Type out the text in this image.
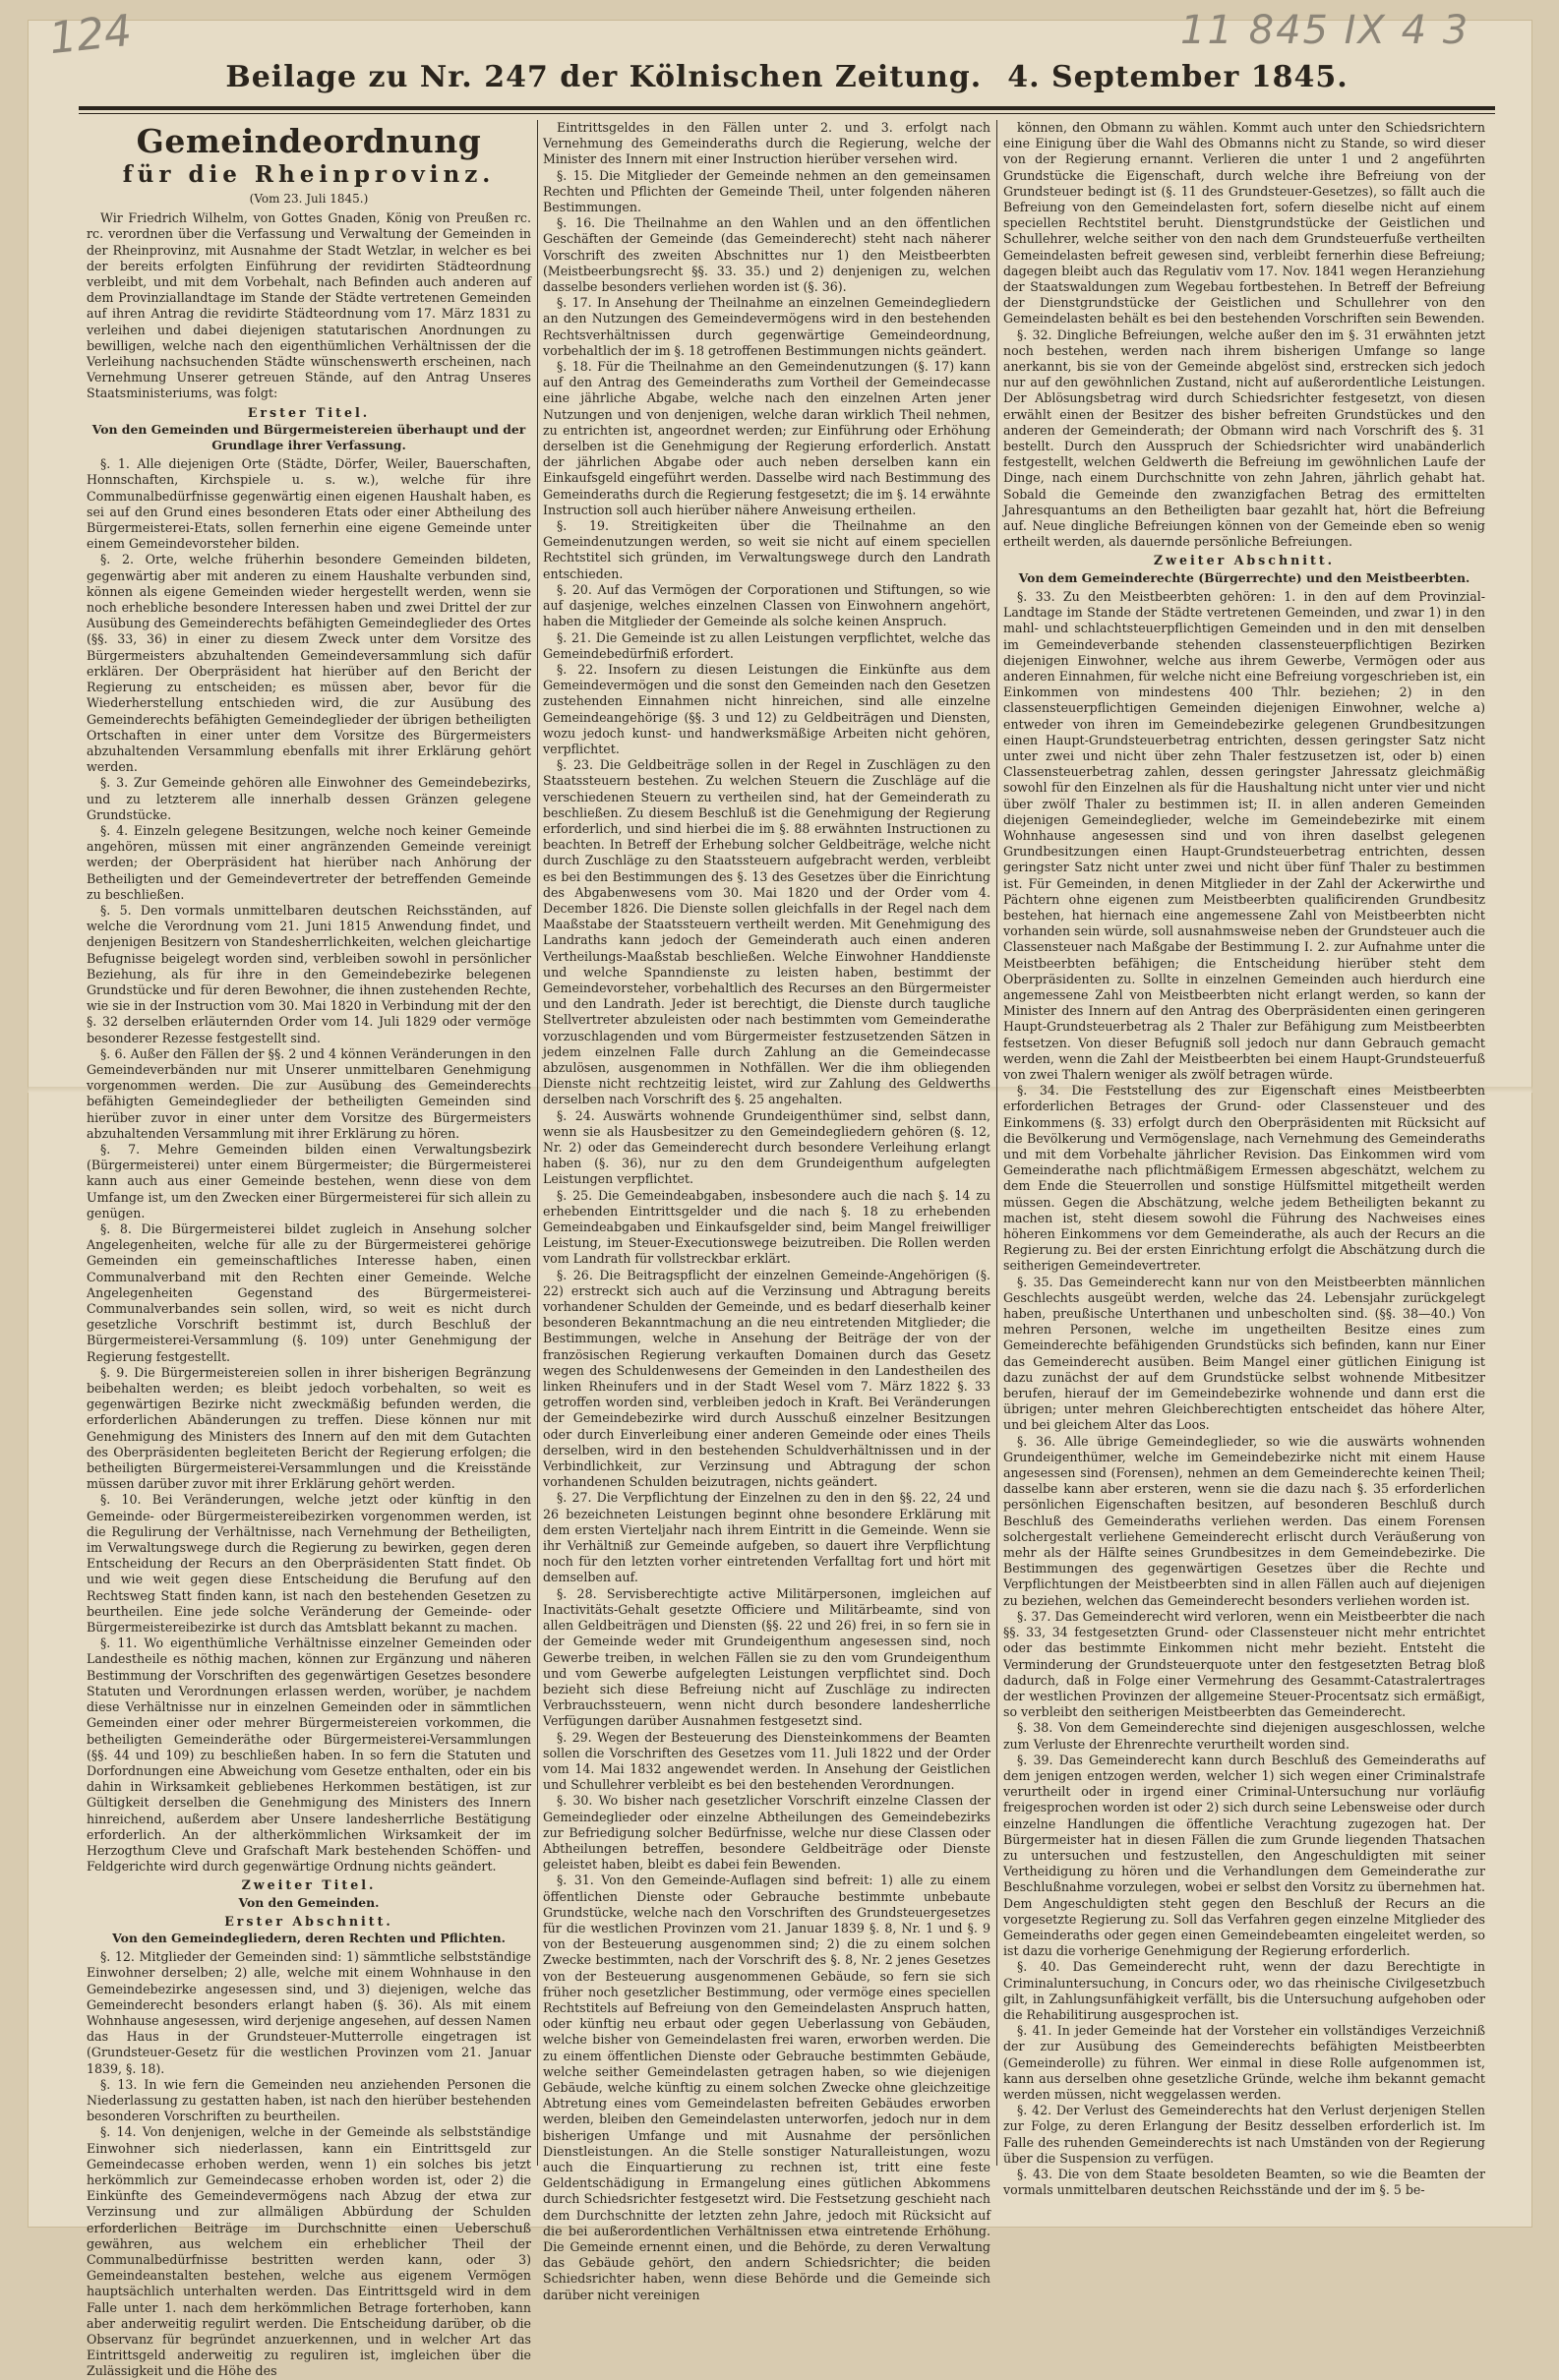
124	11 845 IX 4 3
Beilage zu Nr. 247 der Kölnischen Zeitung. 4. September 1845.
Gemeindeordnung
für die Rheinprovinz.
(Vom 23. Juli 1845.)

Wir Friedrich Wilhelm, von Gottes Gnaden, König von Preußen rc. rc. verordnen über die Verfassung und Verwaltung der Gemeinden in der Rheinprovinz, mit Ausnahme der Stadt Wetzlar, in welcher es bei der bereits erfolgten Einführung der revidirten Städteordnung verbleibt, und mit dem Vorbehalt, nach Befinden auch anderen auf dem Provinziallandtage im Stande der Städte vertretenen Gemeinden auf ihren Antrag die revidirte Städteordnung vom 17. März 1831 zu verleihen und dabei diejenigen statutarischen Anordnungen zu bewilligen, welche nach den eigenthümlichen Verhältnissen der die Verleihung nachsuchenden Städte wünschenswerth erscheinen, nach Vernehmung Unserer getreuen Stände, auf den Antrag Unseres Staatsministeriums, was folgt:

Erster Titel.
Von den Gemeinden und Bürgermeistereien überhaupt und der Grundlage ihrer Verfassung.

§. 1. Alle diejenigen Orte (Städte, Dörfer, Weiler, Bauerschaften, Honnschaften, Kirchspiele u. s. w.), welche für ihre Communalbedürfnisse gegenwärtig einen eigenen Haushalt haben, es sei auf den Grund eines besonderen Etats oder einer Abtheilung des Bürgermeisterei-Etats, sollen fernerhin eine eigene Gemeinde unter einem Gemeindevorsteher bilden.

§. 2. Orte, welche früherhin besondere Gemeinden bildeten, gegenwärtig aber mit anderen zu einem Haushalte verbunden sind, können als eigene Gemeinden wieder hergestellt werden, wenn sie noch erhebliche besondere Interessen haben und zwei Drittel der zur Ausübung des Gemeinderechts befähigten Gemeindeglieder des Ortes (§§. 33, 36) in einer zu diesem Zweck unter dem Vorsitze des Bürgermeisters abzuhaltenden Gemeindeversammlung sich dafür erklären. Der Oberpräsident hat hierüber auf den Bericht der Regierung zu entscheiden; es müssen aber, bevor für die Wiederherstellung entschieden wird, die zur Ausübung des Gemeinderechts befähigten Gemeindeglieder der übrigen betheiligten Ortschaften in einer unter dem Vorsitze des Bürgermeisters abzuhaltenden Versammlung ebenfalls mit ihrer Erklärung gehört werden.

§. 3. Zur Gemeinde gehören alle Einwohner des Gemeindebezirks, und zu letzterem alle innerhalb dessen Gränzen gelegene Grundstücke.

§. 4. Einzeln gelegene Besitzungen, welche noch keiner Gemeinde angehören, müssen mit einer angränzenden Gemeinde vereinigt werden; der Oberpräsident hat hierüber nach Anhörung der Betheiligten und der Gemeindevertreter der betreffenden Gemeinde zu beschließen.

§. 5. Den vormals unmittelbaren deutschen Reichsständen, auf welche die Verordnung vom 21. Juni 1815 Anwendung findet, und denjenigen Besitzern von Standesherrlichkeiten, welchen gleichartige Befugnisse beigelegt worden sind, verbleiben sowohl in persönlicher Beziehung, als für ihre in den Gemeindebezirke belegenen Grundstücke und für deren Bewohner, die ihnen zustehenden Rechte, wie sie in der Instruction vom 30. Mai 1820 in Verbindung mit der den §. 32 derselben erläuternden Order vom 14. Juli 1829 oder vermöge besonderer Rezesse festgestellt sind.

§. 6. Außer den Fällen der §§. 2 und 4 können Veränderungen in den Gemeindeverbänden nur mit Unserer unmittelbaren Genehmigung vorgenommen werden. Die zur Ausübung des Gemeinderechts befähigten Gemeindeglieder der betheiligten Gemeinden sind hierüber zuvor in einer unter dem Vorsitze des Bürgermeisters abzuhaltenden Versammlung mit ihrer Erklärung zu hören.

§. 7. Mehre Gemeinden bilden einen Verwaltungsbezirk (Bürgermeisterei) unter einem Bürgermeister; die Bürgermeisterei kann auch aus einer Gemeinde bestehen, wenn diese von dem Umfange ist, um den Zwecken einer Bürgermeisterei für sich allein zu genügen.

§. 8. Die Bürgermeisterei bildet zugleich in Ansehung solcher Angelegenheiten, welche für alle zu der Bürgermeisterei gehörige Gemeinden ein gemeinschaftliches Interesse haben, einen Communalverband mit den Rechten einer Gemeinde. Welche Angelegenheiten Gegenstand des Bürgermeisterei-Communalverbandes sein sollen, wird, so weit es nicht durch gesetzliche Vorschrift bestimmt ist, durch Beschluß der Bürgermeisterei-Versammlung (§. 109) unter Genehmigung der Regierung festgestellt.

§. 9. Die Bürgermeistereien sollen in ihrer bisherigen Begränzung beibehalten werden; es bleibt jedoch vorbehalten, so weit es gegenwärtigen Bezirke nicht zweckmäßig befunden werden, die erforderlichen Abänderungen zu treffen. Diese können nur mit Genehmigung des Ministers des Innern auf den mit dem Gutachten des Oberpräsidenten begleiteten Bericht der Regierung erfolgen; die betheiligten Bürgermeisterei-Versammlungen und die Kreisstände müssen darüber zuvor mit ihrer Erklärung gehört werden.

§. 10. Bei Veränderungen, welche jetzt oder künftig in den Gemeinde- oder Bürgermeistereibezirken vorgenommen werden, ist die Regulirung der Verhältnisse, nach Vernehmung der Betheiligten, im Verwaltungswege durch die Regierung zu bewirken, gegen deren Entscheidung der Recurs an den Oberpräsidenten Statt findet. Ob und wie weit gegen diese Entscheidung die Berufung auf den Rechtsweg Statt finden kann, ist nach den bestehenden Gesetzen zu beurtheilen. Eine jede solche Veränderung der Gemeinde- oder Bürgermeistereibezirke ist durch das Amtsblatt bekannt zu machen.

§. 11. Wo eigenthümliche Verhältnisse einzelner Gemeinden oder Landestheile es nöthig machen, können zur Ergänzung und näheren Bestimmung der Vorschriften des gegenwärtigen Gesetzes besondere Statuten und Verordnungen erlassen werden, worüber, je nachdem diese Verhältnisse nur in einzelnen Gemeinden oder in sämmtlichen Gemeinden einer oder mehrer Bürgermeistereien vorkommen, die betheiligten Gemeinderäthe oder Bürgermeisterei-Versammlungen (§§. 44 und 109) zu beschließen haben. In so fern die Statuten und Dorfordnungen eine Abweichung vom Gesetze enthalten, oder ein bis dahin in Wirksamkeit gebliebenes Herkommen bestätigen, ist zur Gültigkeit derselben die Genehmigung des Ministers des Innern hinreichend, außerdem aber Unsere landesherrliche Bestätigung erforderlich. An der altherkömmlichen Wirksamkeit der im Herzogthum Cleve und Grafschaft Mark bestehenden Schöffen- und Feldgerichte wird durch gegenwärtige Ordnung nichts geändert.

Zweiter Titel.
Von den Gemeinden.
Erster Abschnitt.
Von den Gemeindegliedern, deren Rechten und Pflichten.

§. 12. Mitglieder der Gemeinden sind: 1) sämmtliche selbstständige Einwohner derselben; 2) alle, welche mit einem Wohnhause in den Gemeindebezirke angesessen sind, und 3) diejenigen, welche das Gemeinderecht besonders erlangt haben (§. 36). Als mit einem Wohnhause angesessen, wird derjenige angesehen, auf dessen Namen das Haus in der Grundsteuer-Mutterrolle eingetragen ist (Grundsteuer-Gesetz für die westlichen Provinzen vom 21. Januar 1839, §. 18).

§. 13. In wie fern die Gemeinden neu anziehenden Personen die Niederlassung zu gestatten haben, ist nach den hierüber bestehenden besonderen Vorschriften zu beurtheilen.

§. 14. Von denjenigen, welche in der Gemeinde als selbstständige Einwohner sich niederlassen, kann ein Eintrittsgeld zur Gemeindecasse erhoben werden, wenn 1) ein solches bis jetzt herkömmlich zur Gemeindecasse erhoben worden ist, oder 2) die Einkünfte des Gemeindevermögens nach Abzug der etwa zur Verzinsung und zur allmäligen Abbürdung der Schulden erforderlichen Beiträge im Durchschnitte einen Ueberschuß gewähren, aus welchem ein erheblicher Theil der Communalbedürfnisse bestritten werden kann, oder 3) Gemeindeanstalten bestehen, welche aus eigenem Vermögen hauptsächlich unterhalten werden. Das Eintrittsgeld wird in dem Falle unter 1. nach dem herkömmlichen Betrage forterhoben, kann aber anderweitig regulirt werden. Die Entscheidung darüber, ob die Observanz für begründet anzuerkennen, und in welcher Art das Eintrittsgeld anderweitig zu reguliren ist, imgleichen über die Zulässigkeit und die Höhe des

Eintrittsgeldes in den Fällen unter 2. und 3. erfolgt nach Vernehmung des Gemeinderaths durch die Regierung, welche der Minister des Innern mit einer Instruction hierüber versehen wird.

§. 15. Die Mitglieder der Gemeinde nehmen an den gemeinsamen Rechten und Pflichten der Gemeinde Theil, unter folgenden näheren Bestimmungen.

§. 16. Die Theilnahme an den Wahlen und an den öffentlichen Geschäften der Gemeinde (das Gemeinderecht) steht nach näherer Vorschrift des zweiten Abschnittes nur 1) den Meistbeerbten (Meistbeerbungsrecht §§. 33. 35.) und 2) denjenigen zu, welchen dasselbe besonders verliehen worden ist (§. 36).

§. 17. In Ansehung der Theilnahme an einzelnen Gemeindegliedern an den Nutzungen des Gemeindevermögens wird in den bestehenden Rechtsverhältnissen durch gegenwärtige Gemeindeordnung, vorbehaltlich der im §. 18 getroffenen Bestimmungen nichts geändert.

§. 18. Für die Theilnahme an den Gemeindenutzungen (§. 17) kann auf den Antrag des Gemeinderaths zum Vortheil der Gemeindecasse eine jährliche Abgabe, welche nach den einzelnen Arten jener Nutzungen und von denjenigen, welche daran wirklich Theil nehmen, zu entrichten ist, angeordnet werden; zur Einführung oder Erhöhung derselben ist die Genehmigung der Regierung erforderlich. Anstatt der jährlichen Abgabe oder auch neben derselben kann ein Einkaufsgeld eingeführt werden. Dasselbe wird nach Bestimmung des Gemeinderaths durch die Regierung festgesetzt; die im §. 14 erwähnte Instruction soll auch hierüber nähere Anweisung ertheilen.

§. 19. Streitigkeiten über die Theilnahme an den Gemeindenutzungen werden, so weit sie nicht auf einem speciellen Rechtstitel sich gründen, im Verwaltungswege durch den Landrath entschieden.

§. 20. Auf das Vermögen der Corporationen und Stiftungen, so wie auf dasjenige, welches einzelnen Classen von Einwohnern angehört, haben die Mitglieder der Gemeinde als solche keinen Anspruch.

§. 21. Die Gemeinde ist zu allen Leistungen verpflichtet, welche das Gemeindebedürfniß erfordert.

§. 22. Insofern zu diesen Leistungen die Einkünfte aus dem Gemeindevermögen und die sonst den Gemeinden nach den Gesetzen zustehenden Einnahmen nicht hinreichen, sind alle einzelne Gemeindeangehörige (§§. 3 und 12) zu Geldbeiträgen und Diensten, wozu jedoch kunst- und handwerksmäßige Arbeiten nicht gehören, verpflichtet.

§. 23. Die Geldbeiträge sollen in der Regel in Zuschlägen zu den Staatssteuern bestehen. Zu welchen Steuern die Zuschläge auf die verschiedenen Steuern zu vertheilen sind, hat der Gemeinderath zu beschließen. Zu diesem Beschluß ist die Genehmigung der Regierung erforderlich, und sind hierbei die im §. 88 erwähnten Instructionen zu beachten. In Betreff der Erhebung solcher Geldbeiträge, welche nicht durch Zuschläge zu den Staatssteuern aufgebracht werden, verbleibt es bei den Bestimmungen des §. 13 des Gesetzes über die Einrichtung des Abgabenwesens vom 30. Mai 1820 und der Order vom 4. December 1826. Die Dienste sollen gleichfalls in der Regel nach dem Maaßstabe der Staatssteuern vertheilt werden. Mit Genehmigung des Landraths kann jedoch der Gemeinderath auch einen anderen Vertheilungs-Maaßstab beschließen. Welche Einwohner Handdienste und welche Spanndienste zu leisten haben, bestimmt der Gemeindevorsteher, vorbehaltlich des Recurses an den Bürgermeister und den Landrath. Jeder ist berechtigt, die Dienste durch taugliche Stellvertreter abzuleisten oder nach bestimmten vom Gemeinderathe vorzuschlagenden und vom Bürgermeister festzusetzenden Sätzen in jedem einzelnen Falle durch Zahlung an die Gemeindecasse abzulösen, ausgenommen in Nothfällen. Wer die ihm obliegenden Dienste nicht rechtzeitig leistet, wird zur Zahlung des Geldwerths derselben nach Vorschrift des §. 25 angehalten.

§. 24. Auswärts wohnende Grundeigenthümer sind, selbst dann, wenn sie als Hausbesitzer zu den Gemeindegliedern gehören (§. 12, Nr. 2) oder das Gemeinderecht durch besondere Verleihung erlangt haben (§. 36), nur zu den dem Grundeigenthum aufgelegten Leistungen verpflichtet.

§. 25. Die Gemeindeabgaben, insbesondere auch die nach §. 14 zu erhebenden Eintrittsgelder und die nach §. 18 zu erhebenden Gemeindeabgaben und Einkaufsgelder sind, beim Mangel freiwilliger Leistung, im Steuer-Executionswege beizutreiben. Die Rollen werden vom Landrath für vollstreckbar erklärt.

§. 26. Die Beitragspflicht der einzelnen Gemeinde-Angehörigen (§. 22) erstreckt sich auch auf die Verzinsung und Abtragung bereits vorhandener Schulden der Gemeinde, und es bedarf dieserhalb keiner besonderen Bekanntmachung an die neu eintretenden Mitglieder; die Bestimmungen, welche in Ansehung der Beiträge der von der französischen Regierung verkauften Domainen durch das Gesetz wegen des Schuldenwesens der Gemeinden in den Landestheilen des linken Rheinufers und in der Stadt Wesel vom 7. März 1822 §. 33 getroffen worden sind, verbleiben jedoch in Kraft. Bei Veränderungen der Gemeindebezirke wird durch Ausschuß einzelner Besitzungen oder durch Einverleibung einer anderen Gemeinde oder eines Theils derselben, wird in den bestehenden Schuldverhältnissen und in der Verbindlichkeit, zur Verzinsung und Abtragung der schon vorhandenen Schulden beizutragen, nichts geändert.

§. 27. Die Verpflichtung der Einzelnen zu den in den §§. 22, 24 und 26 bezeichneten Leistungen beginnt ohne besondere Erklärung mit dem ersten Vierteljahr nach ihrem Eintritt in die Gemeinde. Wenn sie ihr Verhältniß zur Gemeinde aufgeben, so dauert ihre Verpflichtung noch für den letzten vorher eintretenden Verfalltag fort und hört mit demselben auf.

§. 28. Servisberechtigte active Militärpersonen, imgleichen auf Inactivitäts-Gehalt gesetzte Officiere und Militärbeamte, sind von allen Geldbeiträgen und Diensten (§§. 22 und 26) frei, in so fern sie in der Gemeinde weder mit Grundeigenthum angesessen sind, noch Gewerbe treiben, in welchen Fällen sie zu den vom Grundeigenthum und vom Gewerbe aufgelegten Leistungen verpflichtet sind. Doch bezieht sich diese Befreiung nicht auf Zuschläge zu indirecten Verbrauchssteuern, wenn nicht durch besondere landesherrliche Verfügungen darüber Ausnahmen festgesetzt sind.

§. 29. Wegen der Besteuerung des Diensteinkommens der Beamten sollen die Vorschriften des Gesetzes vom 11. Juli 1822 und der Order vom 14. Mai 1832 angewendet werden. In Ansehung der Geistlichen und Schullehrer verbleibt es bei den bestehenden Verordnungen.

§. 30. Wo bisher nach gesetzlicher Vorschrift einzelne Classen der Gemeindeglieder oder einzelne Abtheilungen des Gemeindebezirks zur Befriedigung solcher Bedürfnisse, welche nur diese Classen oder Abtheilungen betreffen, besondere Geldbeiträge oder Dienste geleistet haben, bleibt es dabei fein Bewenden.

§. 31. Von den Gemeinde-Auflagen sind befreit: 1) alle zu einem öffentlichen Dienste oder Gebrauche bestimmte unbebaute Grundstücke, welche nach den Vorschriften des Grundsteuergesetzes für die westlichen Provinzen vom 21. Januar 1839 §. 8, Nr. 1 und §. 9 von der Besteuerung ausgenommen sind; 2) die zu einem solchen Zwecke bestimmten, nach der Vorschrift des §. 8, Nr. 2 jenes Gesetzes von der Besteuerung ausgenommenen Gebäude, so fern sie sich früher noch gesetzlicher Bestimmung, oder vermöge eines speciellen Rechtstitels auf Befreiung von den Gemeindelasten Anspruch hatten, oder künftig neu erbaut oder gegen Ueberlassung von Gebäuden, welche bisher von Gemeindelasten frei waren, erworben werden. Die zu einem öffentlichen Dienste oder Gebrauche bestimmten Gebäude, welche seither Gemeindelasten getragen haben, so wie diejenigen Gebäude, welche künftig zu einem solchen Zwecke ohne gleichzeitige Abtretung eines vom Gemeindelasten befreiten Gebäudes erworben werden, bleiben den Gemeindelasten unterworfen, jedoch nur in dem bisherigen Umfange und mit Ausnahme der persönlichen Dienstleistungen. An die Stelle sonstiger Naturalleistungen, wozu auch die Einquartierung zu rechnen ist, tritt eine feste Geldentschädigung in Ermangelung eines gütlichen Abkommens durch Schiedsrichter festgesetzt wird. Die Festsetzung geschieht nach dem Durchschnitte der letzten zehn Jahre, jedoch mit Rücksicht auf die bei außerordentlichen Verhältnissen etwa eintretende Erhöhung. Die Gemeinde ernennt einen, und die Behörde, zu deren Verwaltung das Gebäude gehört, den andern Schiedsrichter; die beiden Schiedsrichter haben, wenn diese Behörde und die Gemeinde sich darüber nicht vereinigen

können, den Obmann zu wählen. Kommt auch unter den Schiedsrichtern eine Einigung über die Wahl des Obmanns nicht zu Stande, so wird dieser von der Regierung ernannt. Verlieren die unter 1 und 2 angeführten Grundstücke die Eigenschaft, durch welche ihre Befreiung von der Grundsteuer bedingt ist (§. 11 des Grundsteuer-Gesetzes), so fällt auch die Befreiung von den Gemeindelasten fort, sofern dieselbe nicht auf einem speciellen Rechtstitel beruht. Dienstgrundstücke der Geistlichen und Schullehrer, welche seither von den nach dem Grundsteuerfuße vertheilten Gemeindelasten befreit gewesen sind, verbleibt fernerhin diese Befreiung; dagegen bleibt auch das Regulativ vom 17. Nov. 1841 wegen Heranziehung der Staatswaldungen zum Wegebau fortbestehen. In Betreff der Befreiung der Dienstgrundstücke der Geistlichen und Schullehrer von den Gemeindelasten behält es bei den bestehenden Vorschriften sein Bewenden.

§. 32. Dingliche Befreiungen, welche außer den im §. 31 erwähnten jetzt noch bestehen, werden nach ihrem bisherigen Umfange so lange anerkannt, bis sie von der Gemeinde abgelöst sind, erstrecken sich jedoch nur auf den gewöhnlichen Zustand, nicht auf außerordentliche Leistungen. Der Ablösungsbetrag wird durch Schiedsrichter festgesetzt, von diesen erwählt einen der Besitzer des bisher befreiten Grundstückes und den anderen der Gemeinderath; der Obmann wird nach Vorschrift des §. 31 bestellt. Durch den Ausspruch der Schiedsrichter wird unabänderlich festgestellt, welchen Geldwerth die Befreiung im gewöhnlichen Laufe der Dinge, nach einem Durchschnitte von zehn Jahren, jährlich gehabt hat. Sobald die Gemeinde den zwanzigfachen Betrag des ermittelten Jahresquantums an den Betheiligten baar gezahlt hat, hört die Befreiung auf. Neue dingliche Befreiungen können von der Gemeinde eben so wenig ertheilt werden, als dauernde persönliche Befreiungen.

Zweiter Abschnitt.
Von dem Gemeinderechte (Bürgerrechte) und den Meistbeerbten.

§. 33. Zu den Meistbeerbten gehören: 1. in den auf dem Provinzial-Landtage im Stande der Städte vertretenen Gemeinden, und zwar 1) in den mahl- und schlachtsteuerpflichtigen Gemeinden und in den mit denselben im Gemeindeverbande stehenden classensteuerpflichtigen Bezirken diejenigen Einwohner, welche aus ihrem Gewerbe, Vermögen oder aus anderen Einnahmen, für welche nicht eine Befreiung vorgeschrieben ist, ein Einkommen von mindestens 400 Thlr. beziehen; 2) in den classensteuerpflichtigen Gemeinden diejenigen Einwohner, welche a) entweder von ihren im Gemeindebezirke gelegenen Grundbesitzungen einen Haupt-Grundsteuerbetrag entrichten, dessen geringster Satz nicht unter zwei und nicht über zehn Thaler festzusetzen ist, oder b) einen Classensteuerbetrag zahlen, dessen geringster Jahressatz gleichmäßig sowohl für den Einzelnen als für die Haushaltung nicht unter vier und nicht über zwölf Thaler zu bestimmen ist; II. in allen anderen Gemeinden diejenigen Gemeindeglieder, welche im Gemeindebezirke mit einem Wohnhause angesessen sind und von ihren daselbst gelegenen Grundbesitzungen einen Haupt-Grundsteuerbetrag entrichten, dessen geringster Satz nicht unter zwei und nicht über fünf Thaler zu bestimmen ist. Für Gemeinden, in denen Mitglieder in der Zahl der Ackerwirthe und Pächtern ohne eigenen zum Meistbeerbten qualificirenden Grundbesitz bestehen, hat hiernach eine angemessene Zahl von Meistbeerbten nicht vorhanden sein würde, soll ausnahmsweise neben der Grundsteuer auch die Classensteuer nach Maßgabe der Bestimmung I. 2. zur Aufnahme unter die Meistbeerbten befähigen; die Entscheidung hierüber steht dem Oberpräsidenten zu. Sollte in einzelnen Gemeinden auch hierdurch eine angemessene Zahl von Meistbeerbten nicht erlangt werden, so kann der Minister des Innern auf den Antrag des Oberpräsidenten einen geringeren Haupt-Grundsteuerbetrag als 2 Thaler zur Befähigung zum Meistbeerbten festsetzen. Von dieser Befugniß soll jedoch nur dann Gebrauch gemacht werden, wenn die Zahl der Meistbeerbten bei einem Haupt-Grundsteuerfuß von zwei Thalern weniger als zwölf betragen würde.

§. 34. Die Feststellung des zur Eigenschaft eines Meistbeerbten erforderlichen Betrages der Grund- oder Classensteuer und des Einkommens (§. 33) erfolgt durch den Oberpräsidenten mit Rücksicht auf die Bevölkerung und Vermögenslage, nach Vernehmung des Gemeinderaths und mit dem Vorbehalte jährlicher Revision. Das Einkommen wird vom Gemeinderathe nach pflichtmäßigem Ermessen abgeschätzt, welchem zu dem Ende die Steuerrollen und sonstige Hülfsmittel mitgetheilt werden müssen. Gegen die Abschätzung, welche jedem Betheiligten bekannt zu machen ist, steht diesem sowohl die Führung des Nachweises eines höheren Einkommens vor dem Gemeinderathe, als auch der Recurs an die Regierung zu. Bei der ersten Einrichtung erfolgt die Abschätzung durch die seitherigen Gemeindevertreter.

§. 35. Das Gemeinderecht kann nur von den Meistbeerbten männlichen Geschlechts ausgeübt werden, welche das 24. Lebensjahr zurückgelegt haben, preußische Unterthanen und unbescholten sind. (§§. 38—40.) Von mehren Personen, welche im ungetheilten Besitze eines zum Gemeinderechte befähigenden Grundstücks sich befinden, kann nur Einer das Gemeinderecht ausüben. Beim Mangel einer gütlichen Einigung ist dazu zunächst der auf dem Grundstücke selbst wohnende Mitbesitzer berufen, hierauf der im Gemeindebezirke wohnende und dann erst die übrigen; unter mehren Gleichberechtigten entscheidet das höhere Alter, und bei gleichem Alter das Loos.

§. 36. Alle übrige Gemeindeglieder, so wie die auswärts wohnenden Grundeigenthümer, welche im Gemeindebezirke nicht mit einem Hause angesessen sind (Forensen), nehmen an dem Gemeinderechte keinen Theil; dasselbe kann aber ersteren, wenn sie die dazu nach §. 35 erforderlichen persönlichen Eigenschaften besitzen, auf besonderen Beschluß durch Beschluß des Gemeinderaths verliehen werden. Das einem Forensen solchergestalt verliehene Gemeinderecht erlischt durch Veräußerung von mehr als der Hälfte seines Grundbesitzes in dem Gemeindebezirke. Die Bestimmungen des gegenwärtigen Gesetzes über die Rechte und Verpflichtungen der Meistbeerbten sind in allen Fällen auch auf diejenigen zu beziehen, welchen das Gemeinderecht besonders verliehen worden ist.

§. 37. Das Gemeinderecht wird verloren, wenn ein Meistbeerbter die nach §§. 33, 34 festgesetzten Grund- oder Classensteuer nicht mehr entrichtet oder das bestimmte Einkommen nicht mehr bezieht. Entsteht die Verminderung der Grundsteuerquote unter den festgesetzten Betrag bloß dadurch, daß in Folge einer Vermehrung des Gesammt-Catastralertrages der westlichen Provinzen der allgemeine Steuer-Procentsatz sich ermäßigt, so verbleibt den seitherigen Meistbeerbten das Gemeinderecht.

§. 38. Von dem Gemeinderechte sind diejenigen ausgeschlossen, welche zum Verluste der Ehrenrechte verurtheilt worden sind.

§. 39. Das Gemeinderecht kann durch Beschluß des Gemeinderaths auf dem jenigen entzogen werden, welcher 1) sich wegen einer Criminalstrafe verurtheilt oder in irgend einer Criminal-Untersuchung nur vorläufig freigesprochen worden ist oder 2) sich durch seine Lebensweise oder durch einzelne Handlungen die öffentliche Verachtung zugezogen hat. Der Bürgermeister hat in diesen Fällen die zum Grunde liegenden Thatsachen zu untersuchen und festzustellen, den Angeschuldigten mit seiner Vertheidigung zu hören und die Verhandlungen dem Gemeinderathe zur Beschlußnahme vorzulegen, wobei er selbst den Vorsitz zu übernehmen hat. Dem Angeschuldigten steht gegen den Beschluß der Recurs an die vorgesetzte Regierung zu. Soll das Verfahren gegen einzelne Mitglieder des Gemeinderaths oder gegen einen Gemeindebeamten eingeleitet werden, so ist dazu die vorherige Genehmigung der Regierung erforderlich.

§. 40. Das Gemeinderecht ruht, wenn der dazu Berechtigte in Criminaluntersuchung, in Concurs oder, wo das rheinische Civilgesetzbuch gilt, in Zahlungsunfähigkeit verfällt, bis die Untersuchung aufgehoben oder die Rehabilitirung ausgesprochen ist.

§. 41. In jeder Gemeinde hat der Vorsteher ein vollständiges Verzeichniß der zur Ausübung des Gemeinderechts befähigten Meistbeerbten (Gemeinderolle) zu führen. Wer einmal in diese Rolle aufgenommen ist, kann aus derselben ohne gesetzliche Gründe, welche ihm bekannt gemacht werden müssen, nicht weggelassen werden.

§. 42. Der Verlust des Gemeinderechts hat den Verlust derjenigen Stellen zur Folge, zu deren Erlangung der Besitz desselben erforderlich ist. Im Falle des ruhenden Gemeinderechts ist nach Umständen von der Regierung über die Suspension zu verfügen.

§. 43. Die von dem Staate besoldeten Beamten, so wie die Beamten der vormals unmittelbaren deutschen Reichsstände und der im §. 5 be-
